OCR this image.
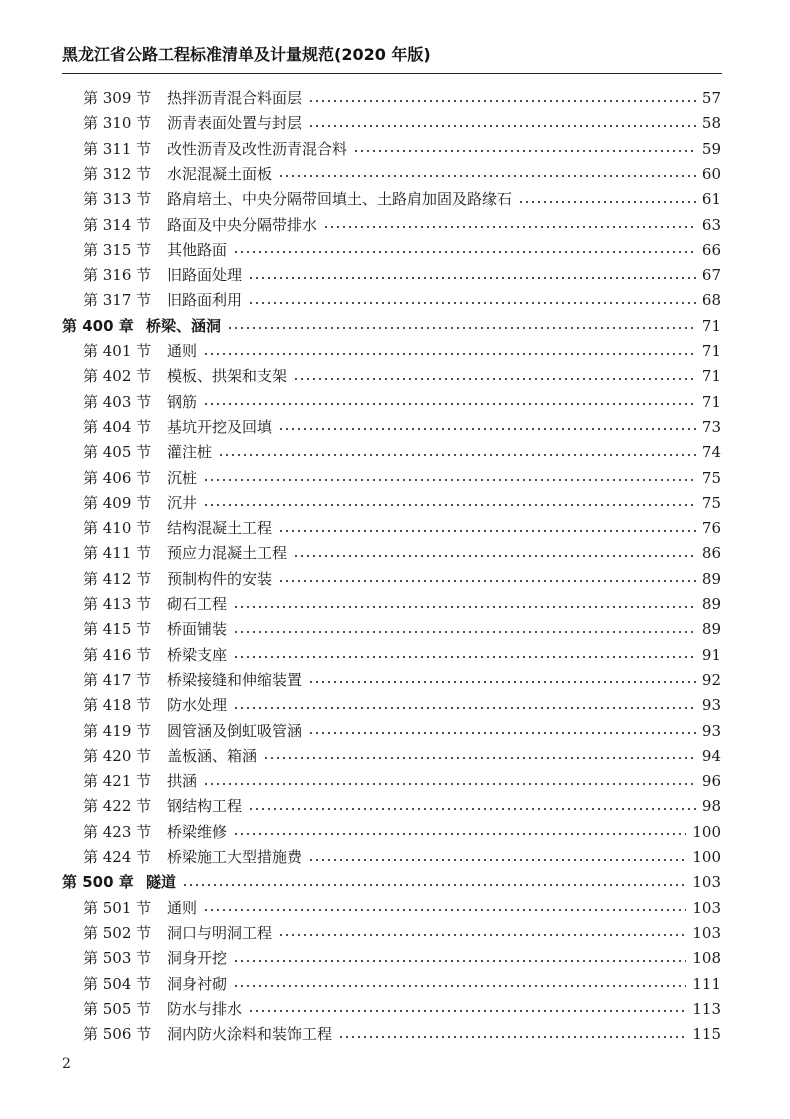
黑龙江省公路工程标准清单及计量规范(2020 年版)
第 309 节	热拌沥青混合料面层	57
第 310 节	沥青表面处置与封层	58
第 311 节	改性沥青及改性沥青混合料	59
第 312 节	水泥混凝土面板	60
第 313 节	路肩培土、中央分隔带回填土、土路肩加固及路缘石	61
第 314 节	路面及中央分隔带排水	63
第 315 节	其他路面	66
第 316 节	旧路面处理	67
第 317 节	旧路面利用	68
第 400 章 桥梁、涵洞	71
第 401 节	通则	71
第 402 节	模板、拱架和支架	71
第 403 节	钢筋	71
第 404 节	基坑开挖及回填	73
第 405 节	灌注桩	74
第 406 节	沉桩	75
第 409 节	沉井	75
第 410 节	结构混凝土工程	76
第 411 节	预应力混凝土工程	86
第 412 节	预制构件的安装	89
第 413 节	砌石工程	89
第 415 节	桥面铺装	89
第 416 节	桥梁支座	91
第 417 节	桥梁接缝和伸缩装置	92
第 418 节	防水处理	93
第 419 节	圆管涵及倒虹吸管涵	93
第 420 节	盖板涵、箱涵	94
第 421 节	拱涵	96
第 422 节	钢结构工程	98
第 423 节	桥梁维修	100
第 424 节	桥梁施工大型措施费	100
第 500 章 隧道	103
第 501 节	通则	103
第 502 节	洞口与明洞工程	103
第 503 节	洞身开挖	108
第 504 节	洞身衬砌	111
第 505 节	防水与排水	113
第 506 节	洞内防火涂料和装饰工程	115
2
